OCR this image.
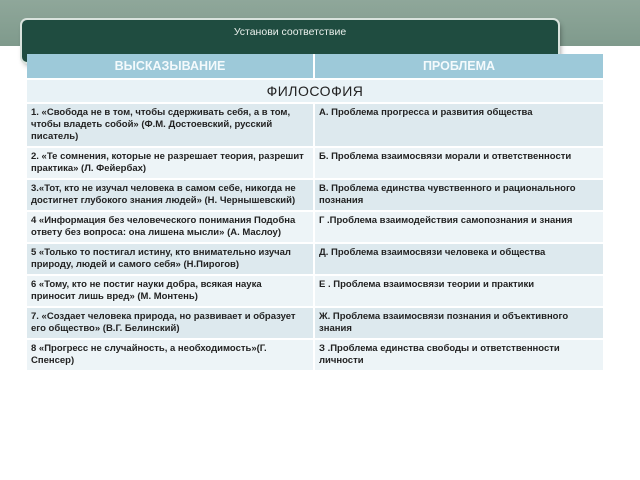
Установи соответствие
ВЫСКАЗЫВАНИЕ	ПРОБЛЕМА
ФИЛОСОФИЯ	
1. «Свобода не в том, чтобы сдерживать себя, а в том, чтобы владеть собой» (Ф.М. Достоевский, русский писатель)	А. Проблема прогресса и развития общества
2. «Те сомнения, которые не разрешает теория, разрешит практика» (Л. Фейербах)	Б. Проблема взаимосвязи морали и ответственности
3.«Тот, кто не изучал человека в самом себе, никогда не достигнет глубокого знания людей» (Н. Чернышевский)	В. Проблема единства чувственного и рационального познания
4 «Информация без человеческого понимания Подобна ответу без вопроса: она лишена мысли» (А. Маслоу)	Г .Проблема взаимодействия самопознания и знания
5 «Только то постигал истину, кто внимательно изучал природу, людей и самого себя» (Н.Пирогов)	Д. Проблема взаимосвязи человека и общества
6 «Тому, кто не постиг науки добра, всякая наука приносит лишь вред» (М. Монтень)	Е . Проблема взаимосвязи теории и практики
7. «Создает человека природа, но развивает и образует его общество» (В.Г. Белинский)	Ж. Проблема взаимосвязи познания и объективного знания
8 «Прогресс не случайность, а необходимость»(Г. Спенсер)	З .Проблема единства свободы и ответственности личности
